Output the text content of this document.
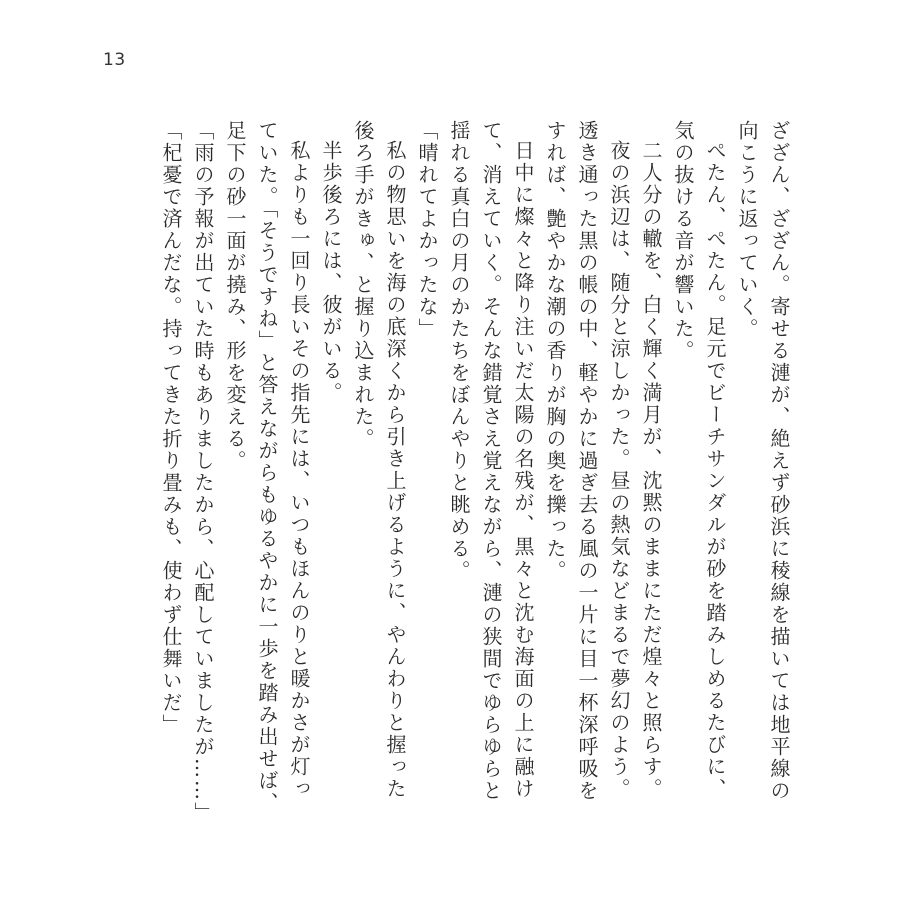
13

ざざん、ざざん。寄せる漣が、絶えず砂浜に稜線を描いては地平線の向こうに返っていく。

ぺたん、ぺたん。足元でビーチサンダルが砂を踏みしめるたびに、気の抜ける音が響いた。

二人分の轍を、白く輝く満月が、沈黙のままにただ煌々と照らす。

夜の浜辺は、随分と涼しかった。昼の熱気などまるで夢幻のよう。

透き通った黒の帳の中、軽やかに過ぎ去る風の一片に目一杯深呼吸をすれば、艶やかな潮の香りが胸の奥を擽った。

日中に燦々と降り注いだ太陽の名残が、黒々と沈む海面の上に融けて、消えていく。そんな錯覚さえ覚えながら、漣の狭間でゆらゆらと揺れる真白の月のかたちをぼんやりと眺める。

「晴れてよかったな」

私の物思いを海の底深くから引き上げるように、やんわりと握った後ろ手がきゅ、と握り込まれた。

半歩後ろには、彼がいる。

私よりも一回り長いその指先には、いつもほんのりと暖かさが灯っていた。「そうですね」と答えながらもゆるやかに一歩を踏み出せば、足下の砂一面が撓み、形を変える。

「雨の予報が出ていた時もありましたから、心配していましたが……」

「杞憂で済んだな。持ってきた折り畳みも、使わず仕舞いだ」
